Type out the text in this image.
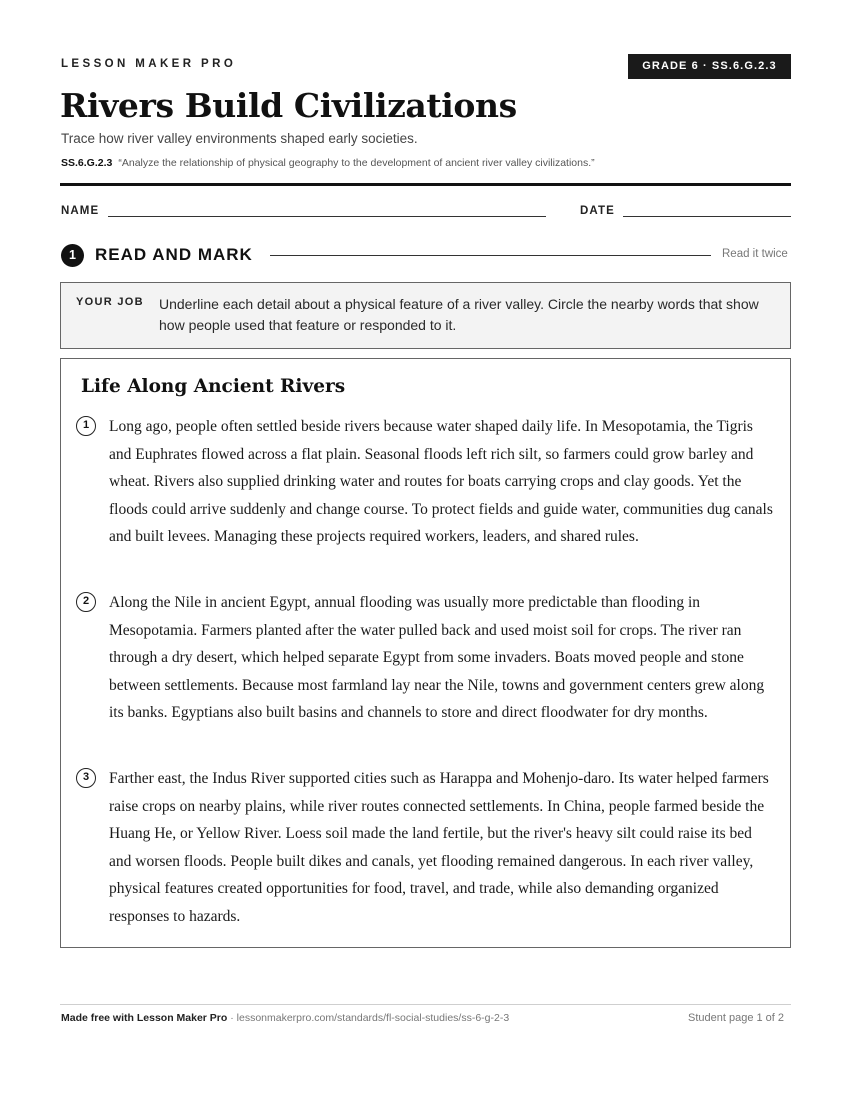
LESSON MAKER PRO	GRADE 6 · SS.6.G.2.3
Rivers Build Civilizations
Trace how river valley environments shaped early societies.
SS.6.G.2.3 “Analyze the relationship of physical geography to the development of ancient river valley civilizations.”
NAME	DATE
1	READ AND MARK	Read it twice
YOUR JOB Underline each detail about a physical feature of a river valley. Circle the nearby words that show how people used that feature or responded to it.
Life Along Ancient Rivers
1	Long ago, people often settled beside rivers because water shaped daily life. In Mesopotamia, the Tigris and Euphrates flowed across a flat plain. Seasonal floods left rich silt, so farmers could grow barley and wheat. Rivers also supplied drinking water and routes for boats carrying crops and clay goods. Yet the floods could arrive suddenly and change course. To protect fields and guide water, communities dug canals and built levees. Managing these projects required workers, leaders, and shared rules.

2	Along the Nile in ancient Egypt, annual flooding was usually more predictable than flooding in Mesopotamia. Farmers planted after the water pulled back and used moist soil for crops. The river ran through a dry desert, which helped separate Egypt from some invaders. Boats moved people and stone between settlements. Because most farmland lay near the Nile, towns and government centers grew along its banks. Egyptians also built basins and channels to store and direct floodwater for dry months.

3	Farther east, the Indus River supported cities such as Harappa and Mohenjo-daro. Its water helped farmers raise crops on nearby plains, while river routes connected settlements. In China, people farmed beside the Huang He, or Yellow River. Loess soil made the land fertile, but the river's heavy silt could raise its bed and worsen floods. People built dikes and canals, yet flooding remained dangerous. In each river valley, physical features created opportunities for food, travel, and trade, while also demanding organized responses to hazards.

Made free with Lesson Maker Pro · lessonmakerpro.com/standards/fl-social-studies/ss-6-g-2-3	Student page 1 of 2
